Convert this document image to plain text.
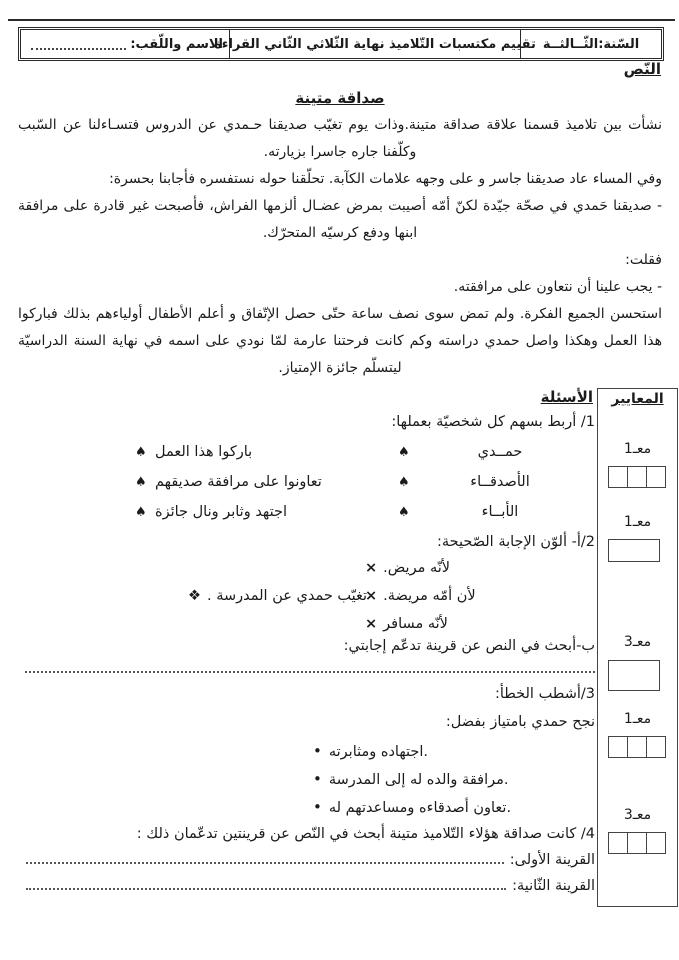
السّنة:الثّــالثــة
تقييم مكتسبات التّلاميذ نهاية الثّلاثي الثّاني القراءة
الاسم واللّقب:
النّص
صداقة متينة

نشأت بين تلاميذ قسمنا علاقة صداقة متينة.وذات يوم تغيّب صديقنا حـمدي عن الدروس فتسـاءلنا عن السّبب وكلّفنا جاره جاسرا بزيارته.

وفي المساء عاد صديقنا جاسر و على وجهه علامات الكآبة. تحلّقنا حوله نستفسره فأجابنا بحسرة:

- صديقنا حَمدي في صحّة جيّدة لكنّ أمّه أصيبت بمرض عضـال ألزمها الفراش، فأصبحت غير قادرة على مرافقة ابنها ودفع كرسيّه المتحرّك.

فقلت:

- يجب علينا أن نتعاون على مرافقته.

استحسن الجميع الفكرة. ولم تمض سوى نصف ساعة حتّى حصل الإتّفاق و أعلم الأطفال أولياءهم بذلك فباركوا هذا العمل وهكذا واصل حمدي دراسته وكم كانت فرحتنا عارمة لمّا نودي على اسمه في نهاية السنة الدراسيّة ليتسلّم جائزة الإمتياز.

الأسئلة
1/ أربط بسهم كل شخصيّة بعملها:
♠ باركوا هذا العمل	♠	حمــدي
♠ تعاونوا على مرافقة صديقهم	♠	الأصدقــاء
♠ اجتهد وثابر ونال جائزة	♠	الأبــاء
2/أ- ألوّن الإجابة الصّحيحة:
× لأنّه مريض.
❖ تغيّب حمدي عن المدرسة .
× لأن أمّه مريضة.
× لأنّه مسافر
ب-أبحث في النص عن قرينة تدعّم إجابتي:
3/أشطب الخطأ:
نجح حمدي بامتياز بفضل:
• اجتهاده ومثابرته.
• مرافقة والده له إلى المدرسة.
• تعاون أصدقاءه ومساعدتهم له.
4/ كانت صداقة هؤلاء التّلاميذ متينة أبحث في النّص عن قرينتين تدعّمان ذلك :
القرينة الأولى:
القرينة الثّانية:
المعايير
معـ1
معـ1
معـ3
معـ1
معـ3
